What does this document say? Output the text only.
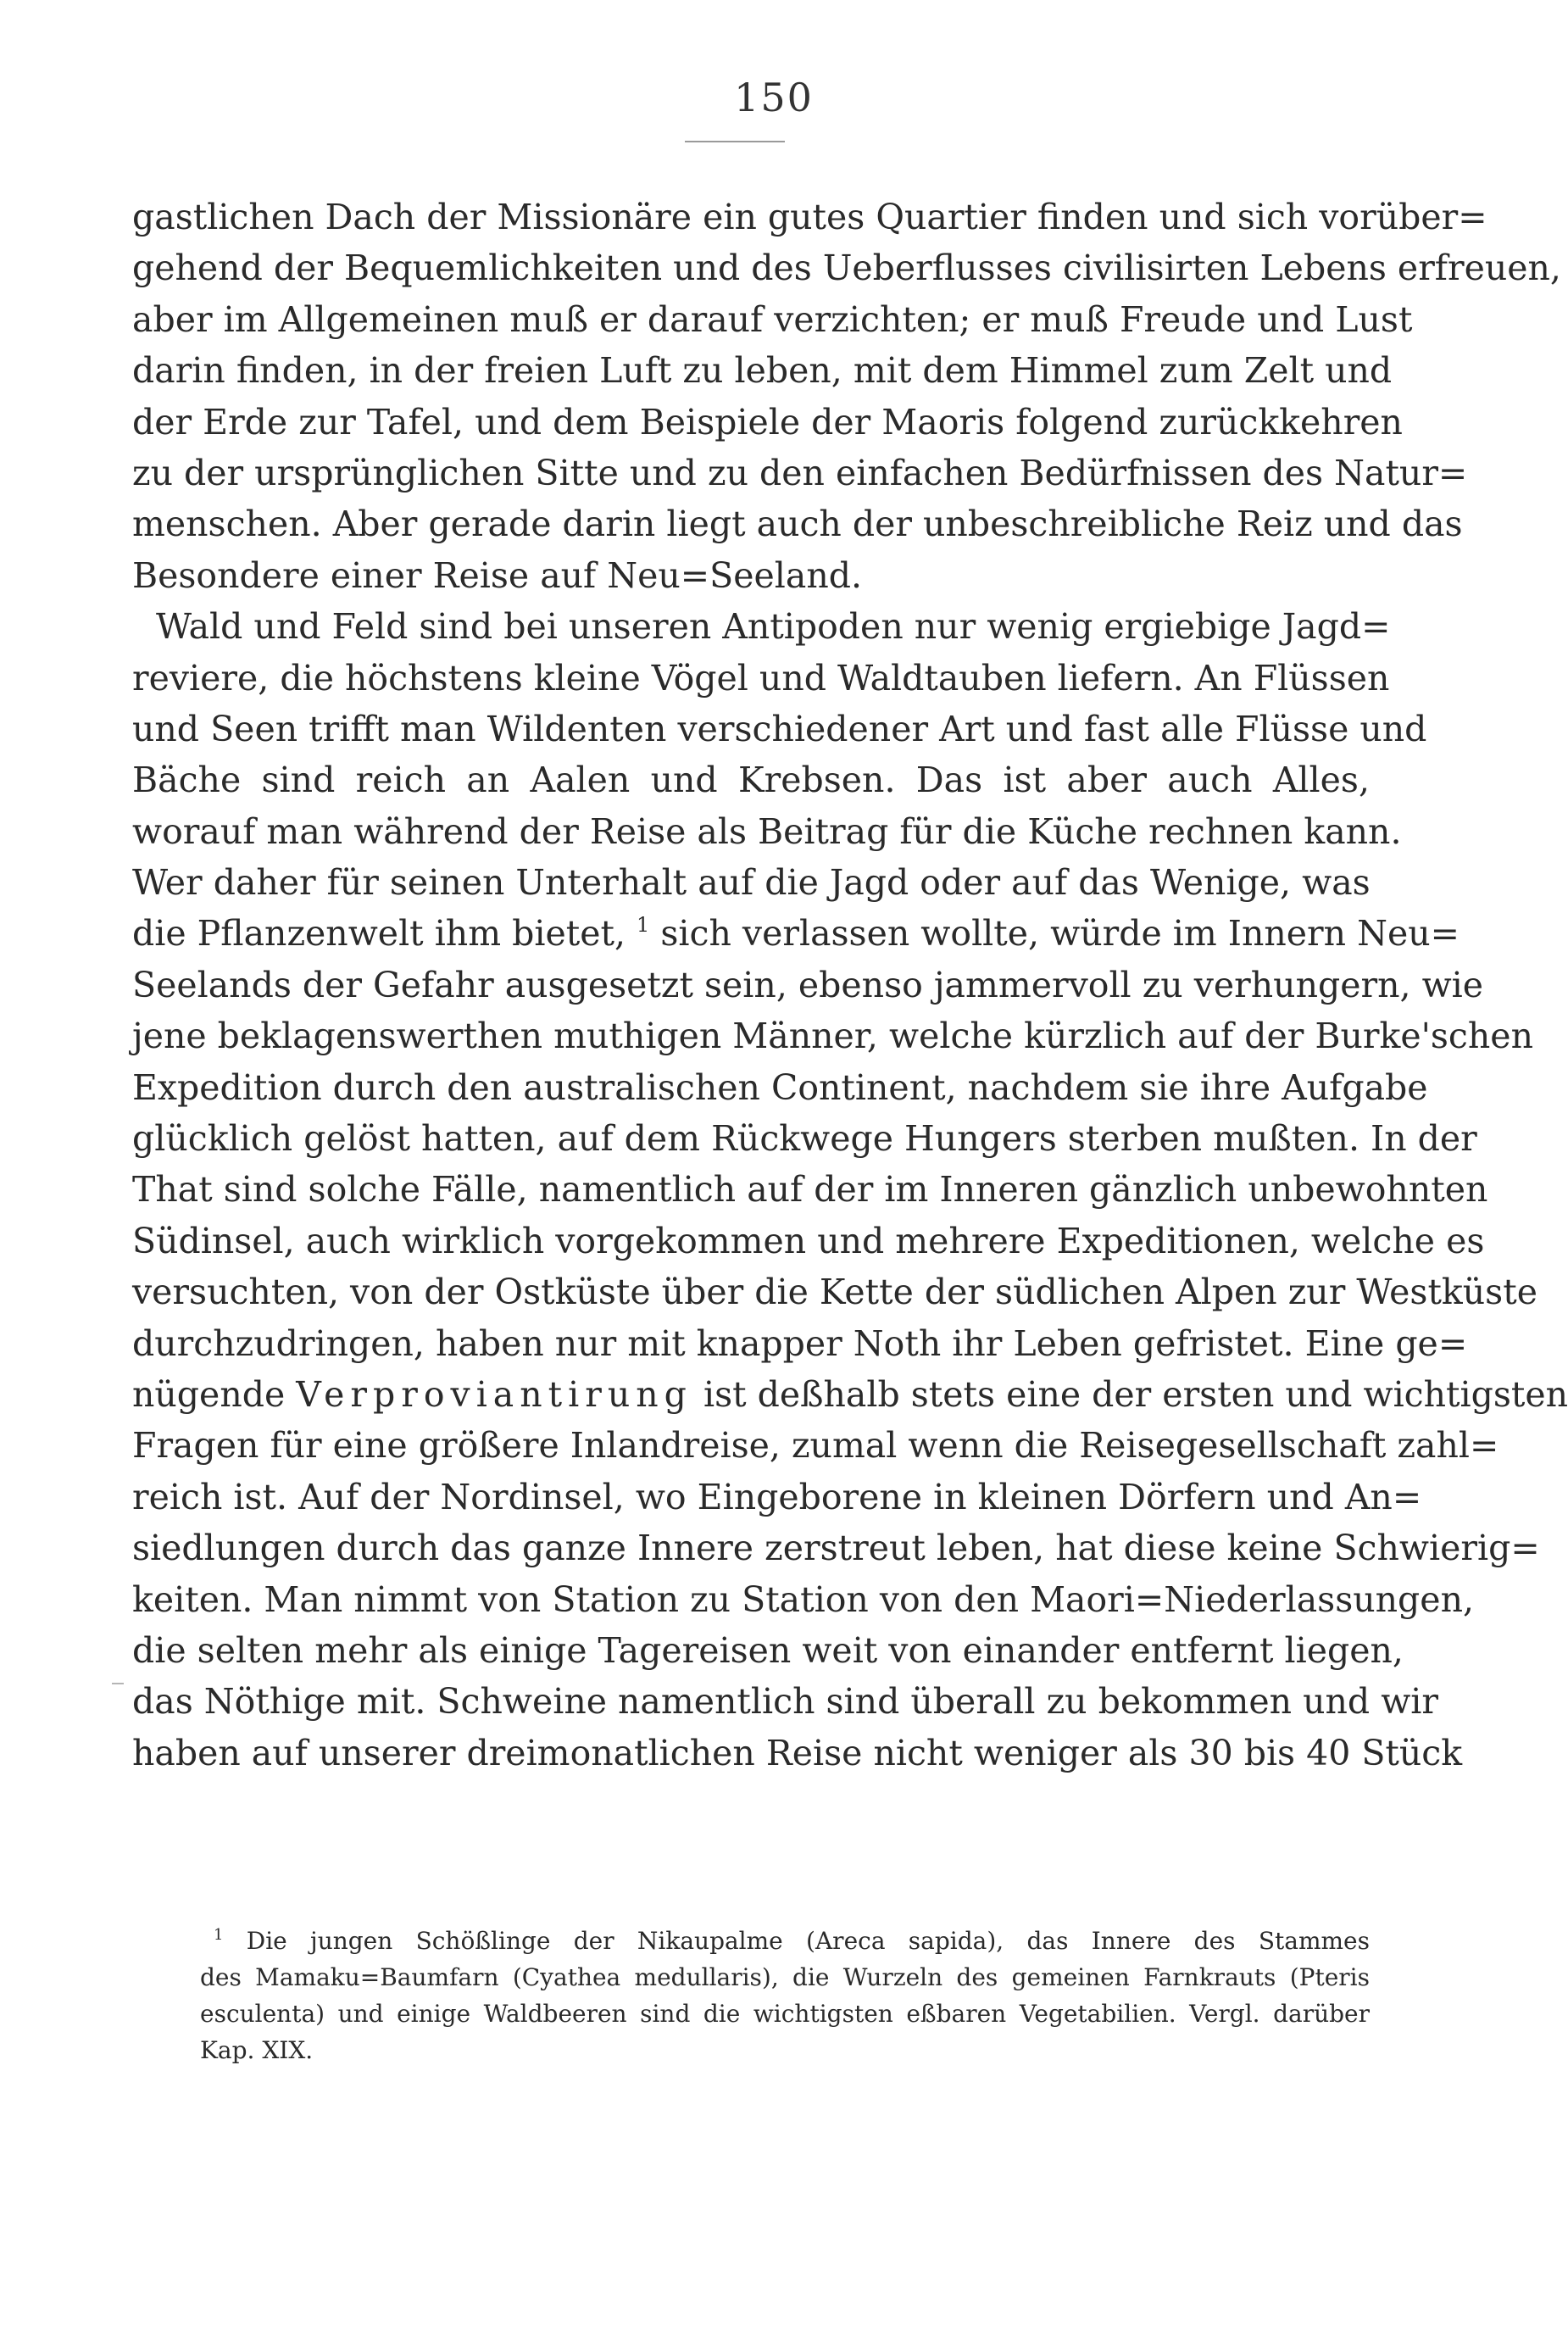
150
gastlichen Dach der Missionäre ein gutes Quartier finden und sich vorüber=
gehend der Bequemlichkeiten und des Ueberflusses civilisirten Lebens erfreuen,
aber im Allgemeinen muß er darauf verzichten; er muß Freude und Lust
darin finden, in der freien Luft zu leben, mit dem Himmel zum Zelt und
der Erde zur Tafel, und dem Beispiele der Maoris folgend zurückkehren
zu der ursprünglichen Sitte und zu den einfachen Bedürfnissen des Natur=
menschen. Aber gerade darin liegt auch der unbeschreibliche Reiz und das
Besondere einer Reise auf Neu=Seeland.
Wald und Feld sind bei unseren Antipoden nur wenig ergiebige Jagd=
reviere, die höchstens kleine Vögel und Waldtauben liefern. An Flüssen
und Seen trifft man Wildenten verschiedener Art und fast alle Flüsse und
Bäche sind reich an Aalen und Krebsen. Das ist aber auch Alles,
worauf man während der Reise als Beitrag für die Küche rechnen kann.
Wer daher für seinen Unterhalt auf die Jagd oder auf das Wenige, was
die Pflanzenwelt ihm bietet, $^1$ sich verlassen wollte, würde im Innern Neu=
Seelands der Gefahr ausgesetzt sein, ebenso jammervoll zu verhungern, wie
jene beklagenswerthen muthigen Männer, welche kürzlich auf der Burke'schen
Expedition durch den australischen Continent, nachdem sie ihre Aufgabe
glücklich gelöst hatten, auf dem Rückwege Hungers sterben mußten. In der
That sind solche Fälle, namentlich auf der im Inneren gänzlich unbewohnten
Südinsel, auch wirklich vorgekommen und mehrere Expeditionen, welche es
versuchten, von der Ostküste über die Kette der südlichen Alpen zur Westküste
durchzudringen, haben nur mit knapper Noth ihr Leben gefristet. Eine ge=
nügende Verproviantirung ist deßhalb stets eine der ersten und wichtigsten
Fragen für eine größere Inlandreise, zumal wenn die Reisegesellschaft zahl=
reich ist. Auf der Nordinsel, wo Eingeborene in kleinen Dörfern und An=
siedlungen durch das ganze Innere zerstreut leben, hat diese keine Schwierig=
keiten. Man nimmt von Station zu Station von den Maori=Niederlassungen,
die selten mehr als einige Tagereisen weit von einander entfernt liegen,
das Nöthige mit. Schweine namentlich sind überall zu bekommen und wir
haben auf unserer dreimonatlichen Reise nicht weniger als 30 bis 40 Stück
$^1$ Die jungen Schößlinge der Nikaupalme (Areca sapida), das Innere des Stammes
des Mamaku=Baumfarn (Cyathea medullaris), die Wurzeln des gemeinen Farnkrauts (Pteris
esculenta) und einige Waldbeeren sind die wichtigsten eßbaren Vegetabilien. Vergl. darüber
Kap. XIX.
